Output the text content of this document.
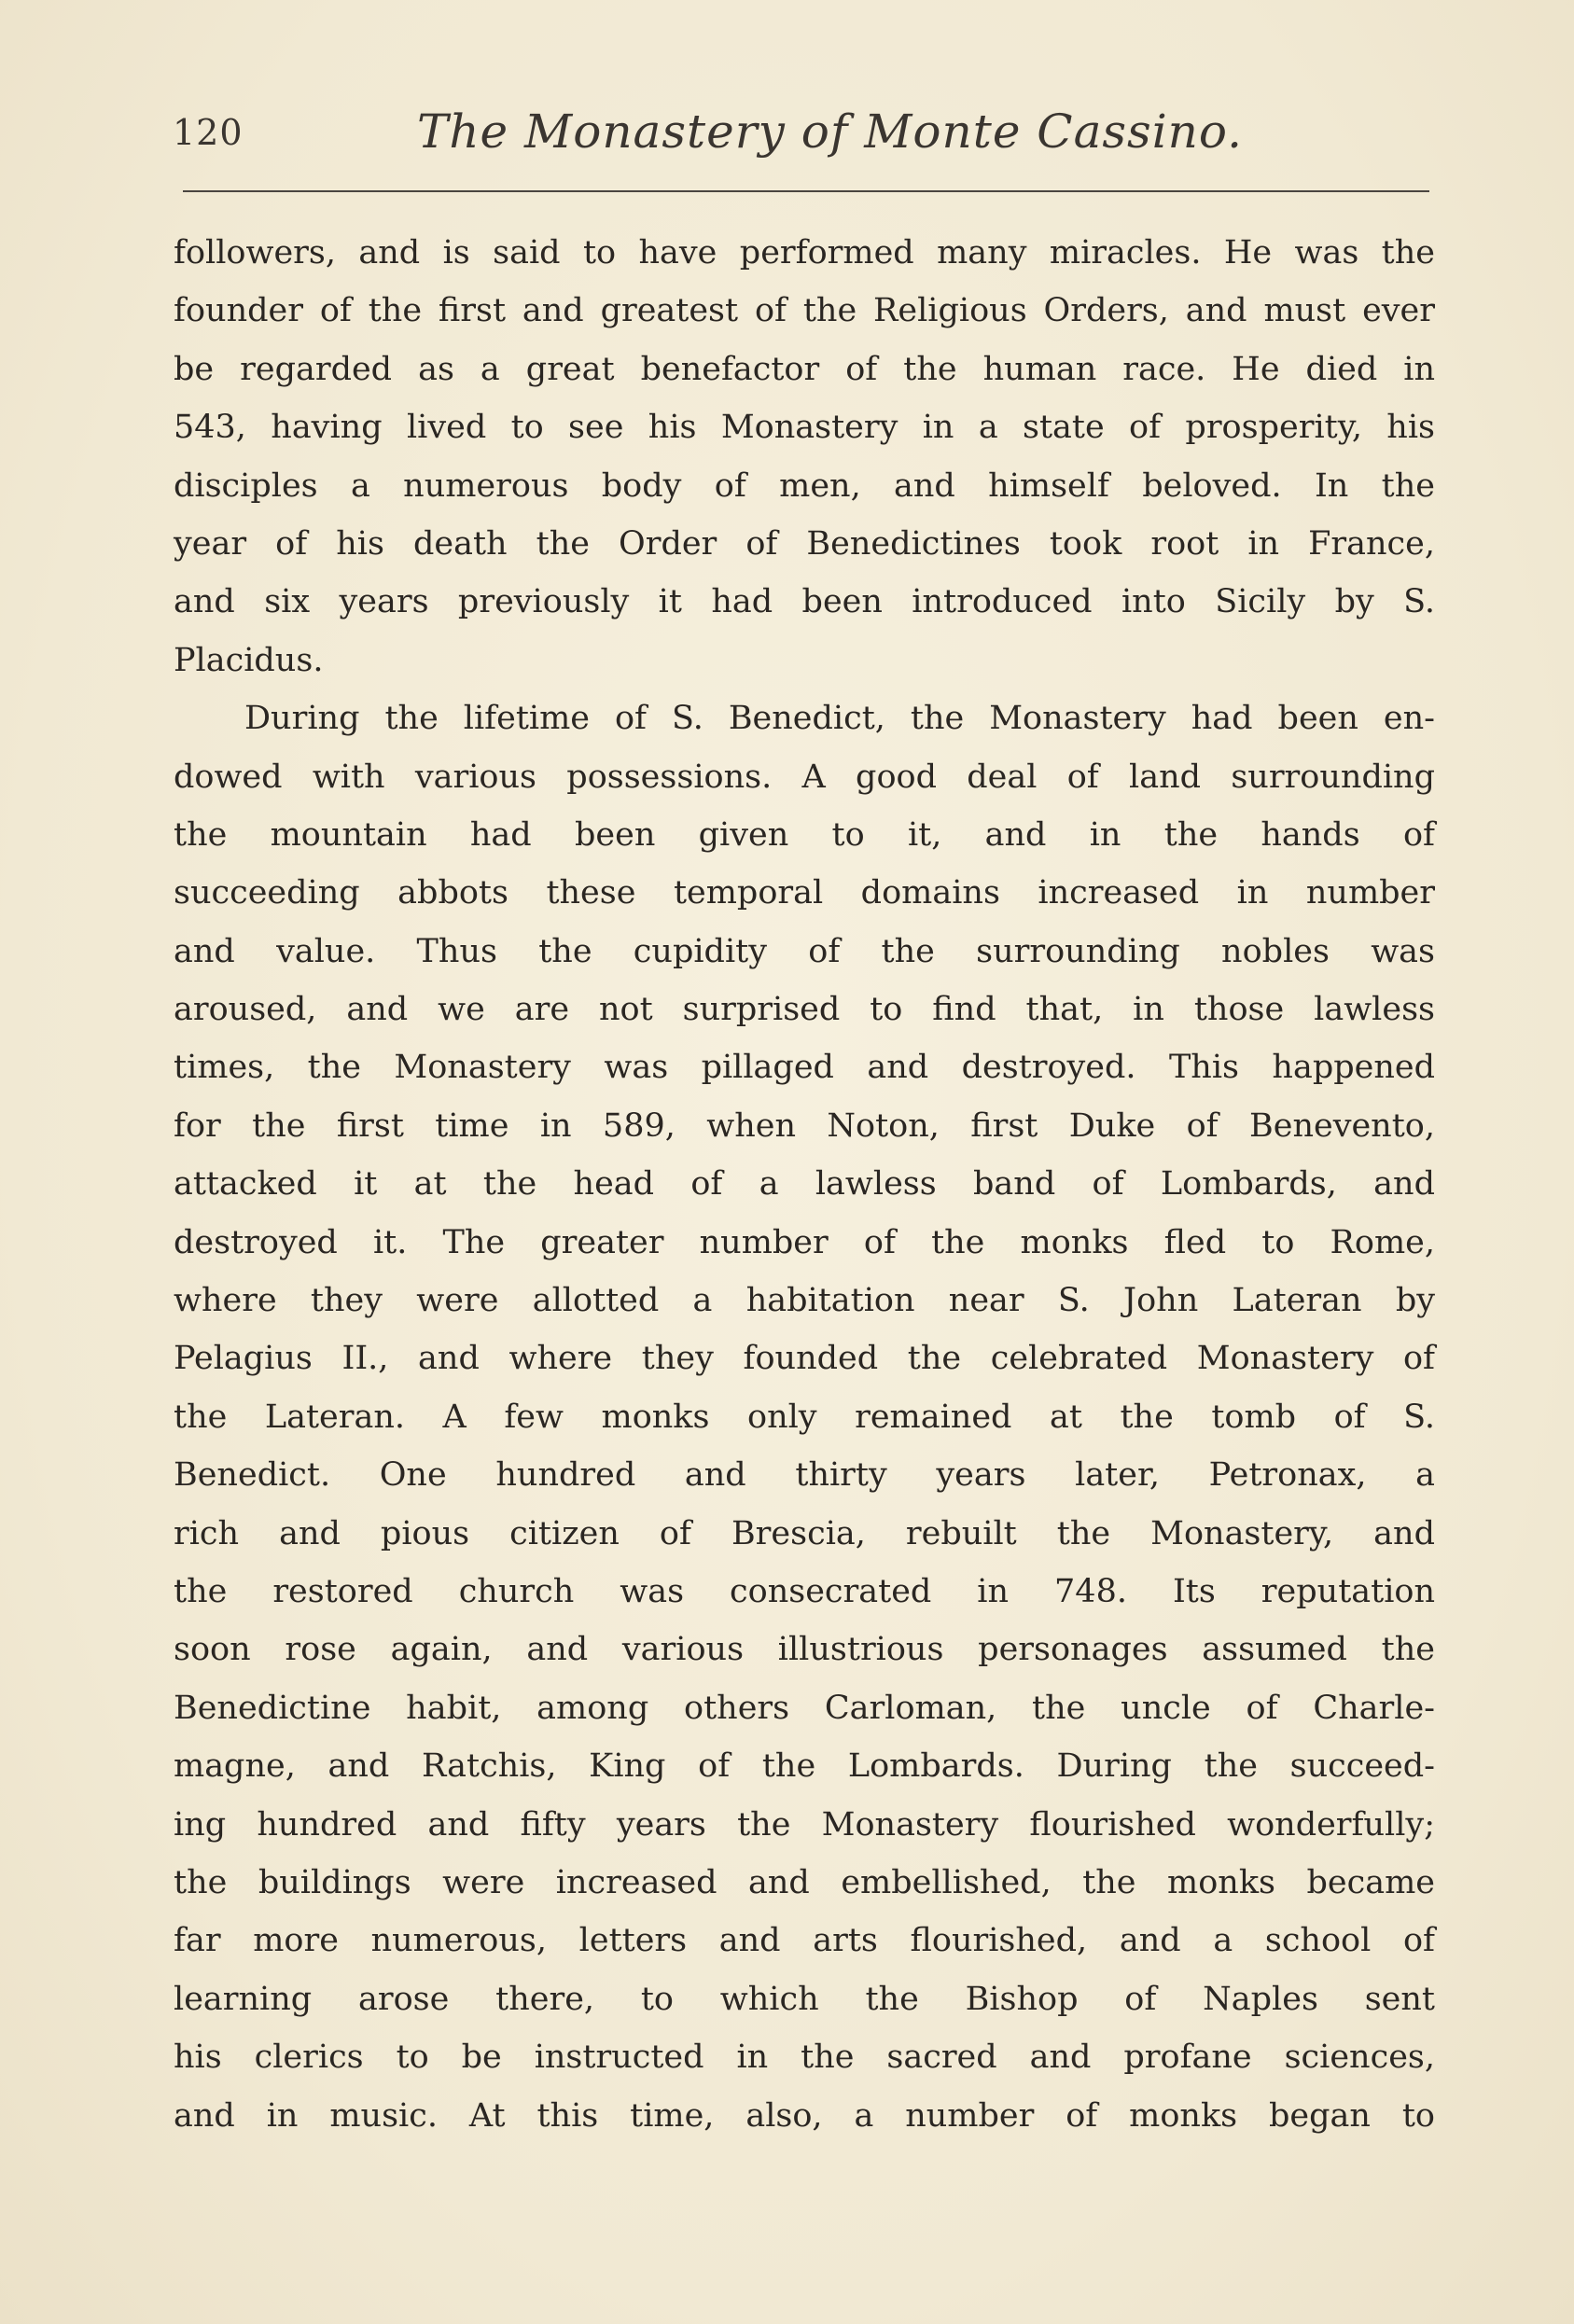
120	The Monastery of Monte Cassino.
followers, and is said to have performed many miracles. He was the
founder of the first and greatest of the Religious Orders, and must ever
be regarded as a great benefactor of the human race. He died in
543, having lived to see his Monastery in a state of prosperity, his
disciples a numerous body of men, and himself beloved. In the
year of his death the Order of Benedictines took root in France,
and six years previously it had been introduced into Sicily by S.
Placidus.
During the lifetime of S. Benedict, the Monastery had been en-
dowed with various possessions. A good deal of land surrounding
the mountain had been given to it, and in the hands of
succeeding abbots these temporal domains increased in number
and value. Thus the cupidity of the surrounding nobles was
aroused, and we are not surprised to find that, in those lawless
times, the Monastery was pillaged and destroyed. This happened
for the first time in 589, when Noton, first Duke of Benevento,
attacked it at the head of a lawless band of Lombards, and
destroyed it. The greater number of the monks fled to Rome,
where they were allotted a habitation near S. John Lateran by
Pelagius II., and where they founded the celebrated Monastery of
the Lateran. A few monks only remained at the tomb of S.
Benedict. One hundred and thirty years later, Petronax, a
rich and pious citizen of Brescia, rebuilt the Monastery, and
the restored church was consecrated in 748. Its reputation
soon rose again, and various illustrious personages assumed the
Benedictine habit, among others Carloman, the uncle of Charle-
magne, and Ratchis, King of the Lombards. During the succeed-
ing hundred and fifty years the Monastery flourished wonderfully;
the buildings were increased and embellished, the monks became
far more numerous, letters and arts flourished, and a school of
learning arose there, to which the Bishop of Naples sent
his clerics to be instructed in the sacred and profane sciences,
and in music. At this time, also, a number of monks began to
